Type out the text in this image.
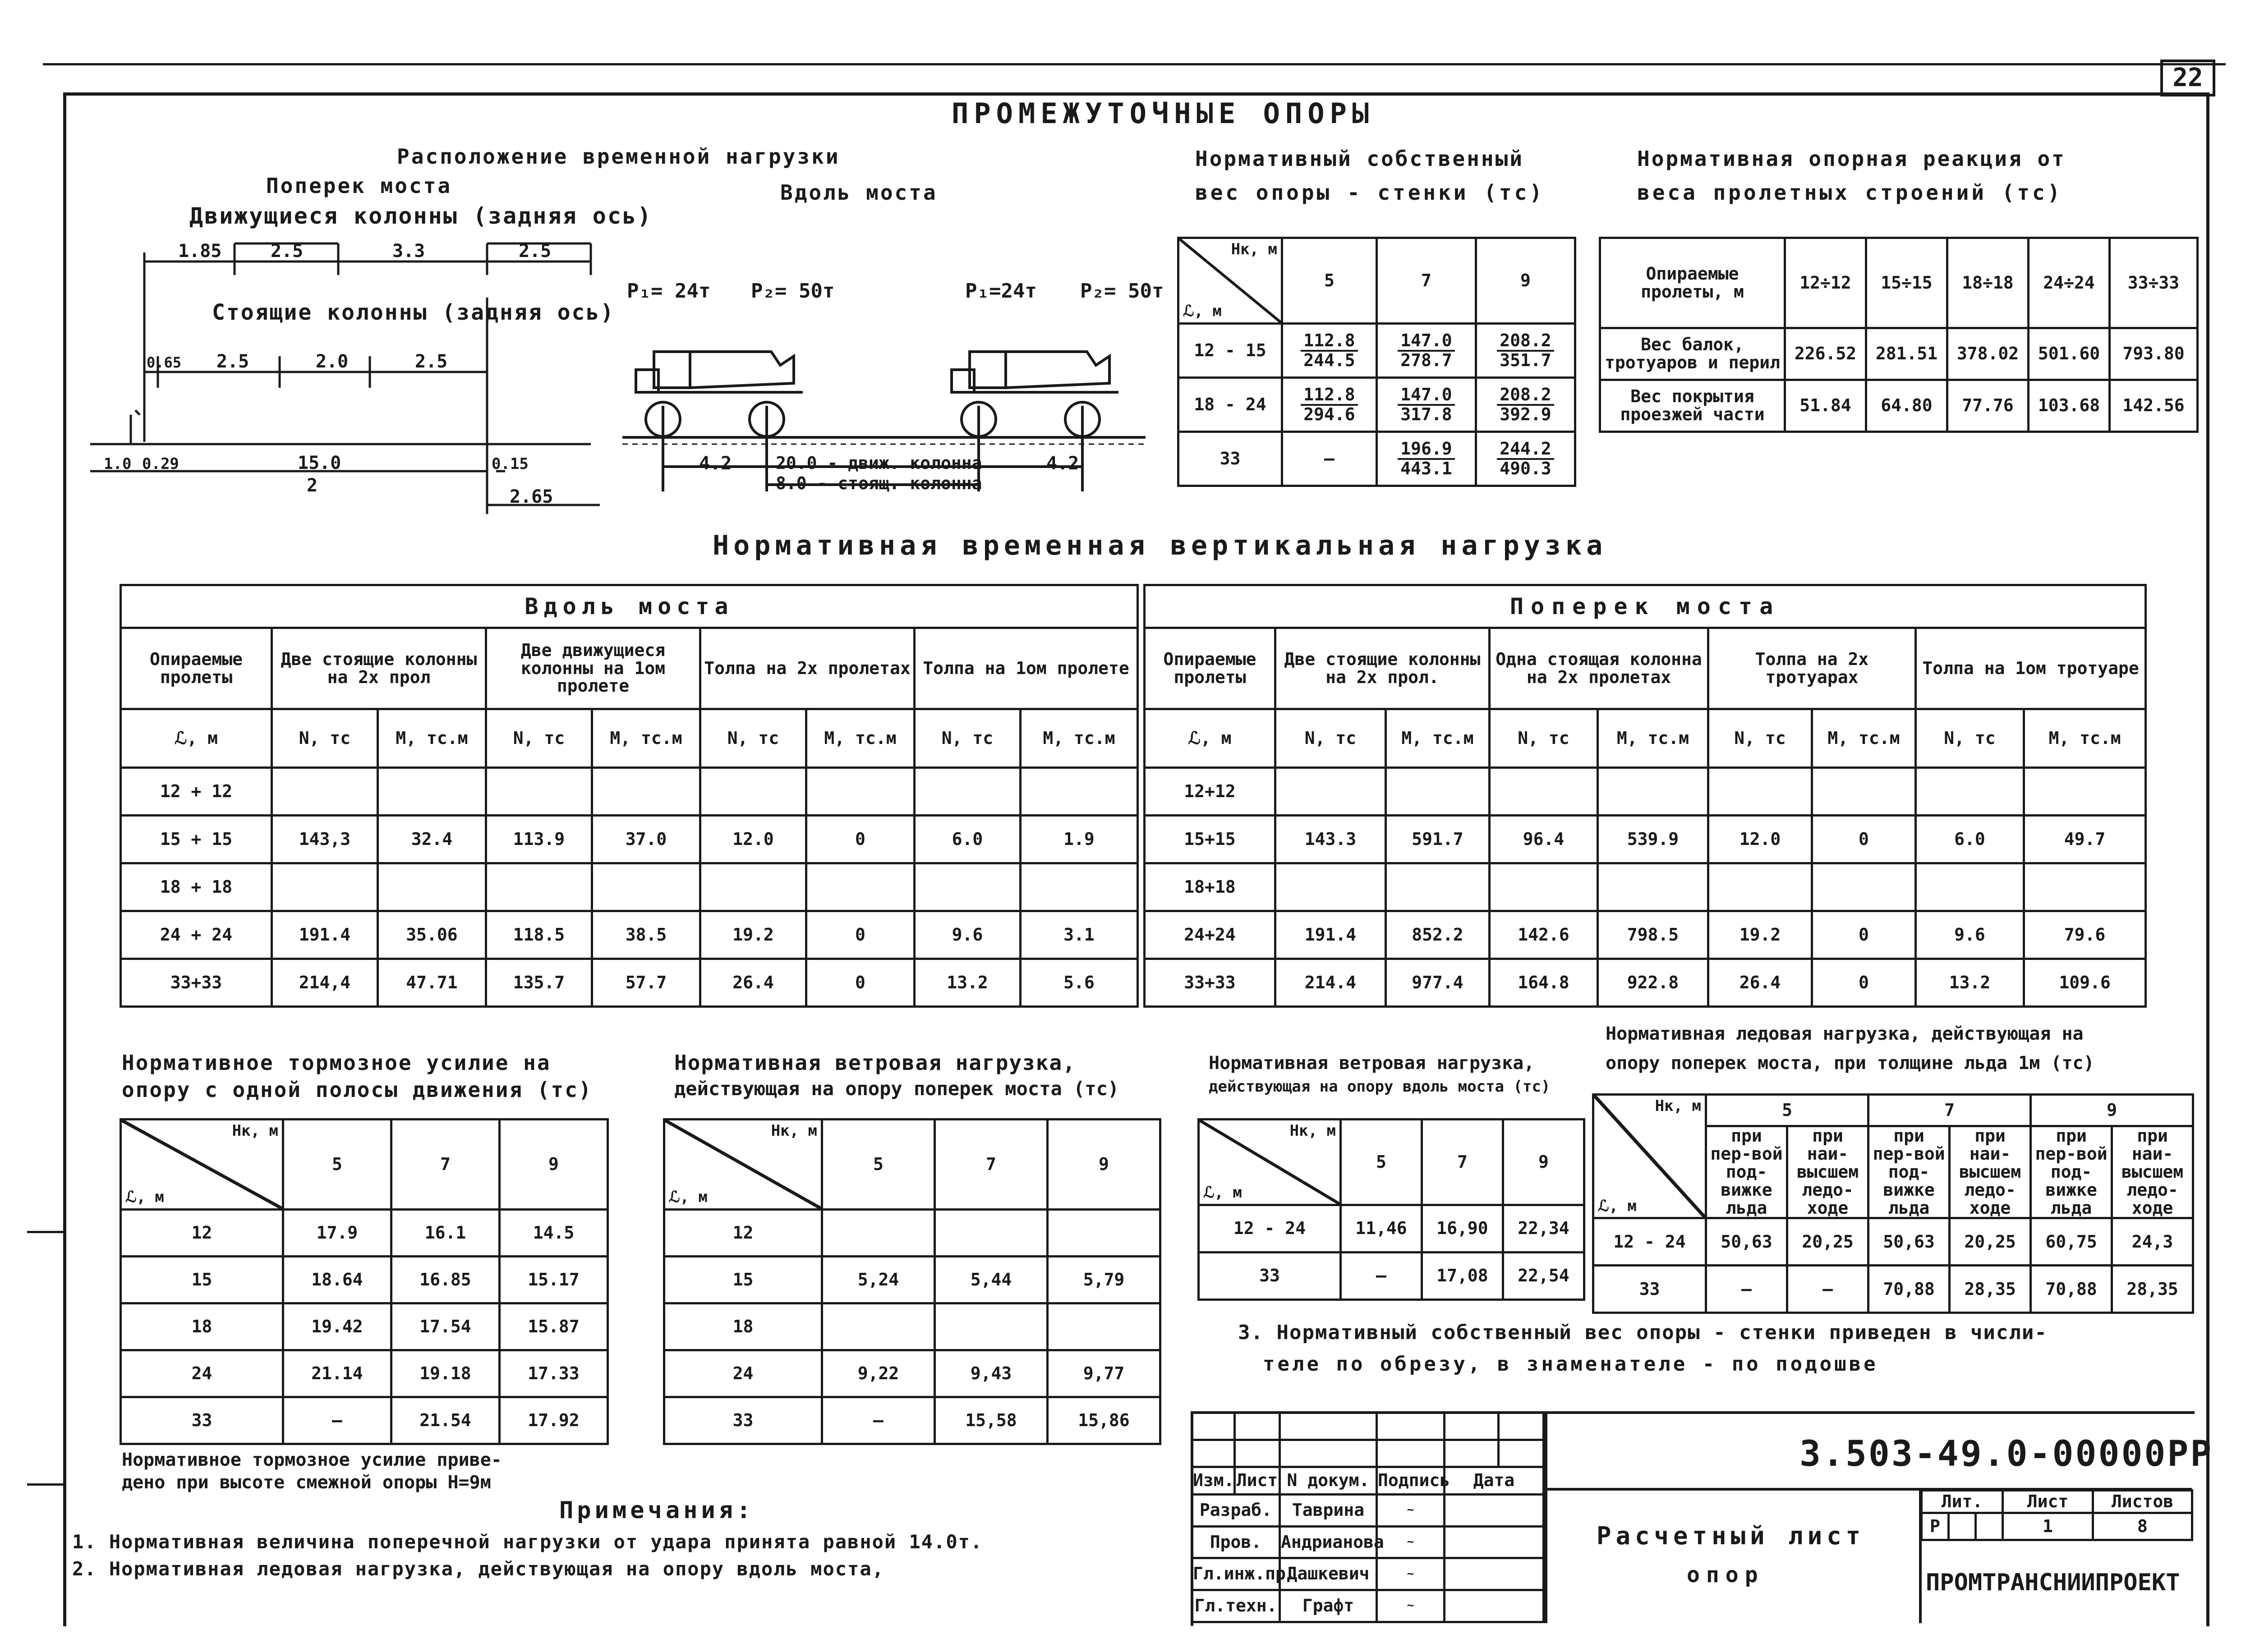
22
ПРОМЕЖУТОЧНЫЕ ОПОРЫ
Расположение временной нагрузки
Поперек моста	Вдоль моста
Движущиеся колонны (задняя ось)
Стоящие колонны (задняя ось)
1.85	2.5	3.3	2.5
0.65 2.5	2.0	2.5
1.0 0.29	15.0
2
0.15
2.65
P₁= 24т P₂= 50т	P₁=24т P₂= 50т
4.2	4.2
20.0 - движ. колонна
8.0 - стоящ. колонна
Нормативный собственный
вес опоры - стенки (тс)
Hк, м
ℒ, м	5	7	9
12 - 15	$\frac{112.8}{244.5}$	$\frac{147.0}{278.7}$	$\frac{208.2}{351.7}$

18 - 24	$\frac{112.8}{294.6}$	$\frac{147.0}{317.8}$	$\frac{208.2}{392.9}$

33	—	$\frac{196.9}{443.1}$	$\frac{244.2}{490.3}$
Нормативная опорная реакция от
веса пролетных строений (тс)
Опираемые пролеты, м	12÷12	15÷15	18÷18	24÷24	33÷33
Вес балок, тротуаров и перил	226.52	281.51	378.02	501.60	793.80
Вес покрытия проезжей части	51.84	64.80	77.76	103.68	142.56
Нормативная временная вертикальная нагрузка
Вдоль моста								
Опираемые пролеты	Две стоящие колонны на 2х прол		Две движущиеся колонны на 1ом пролете		Толпа на 2х пролетах		Толпа на 1ом пролете	
ℒ, м	N, тс	M, тс.м	N, тс	M, тс.м	N, тс	M, тс.м	N, тс	M, тс.м
12 + 12								
15 + 15	143,3	32.4	113.9	37.0	12.0	0	6.0	1.9
18 + 18								
24 + 24	191.4	35.06	118.5	38.5	19.2	0	9.6	3.1
33+33	214,4	47.71	135.7	57.7	26.4	0	13.2	5.6
Поперек моста								
Опираемые пролеты	Две стоящие колонны на 2х прол.		Одна стоящая колонна на 2х пролетах		Толпа на 2х тротуарах		Толпа на 1ом тротуаре	
ℒ, м	N, тс	M, тс.м	N, тс	M, тс.м	N, тс	M, тс.м	N, тс	M, тс.м
12+12								
15+15	143.3	591.7	96.4	539.9	12.0	0	6.0	49.7
18+18								
24+24	191.4	852.2	142.6	798.5	19.2	0	9.6	79.6
33+33	214.4	977.4	164.8	922.8	26.4	0	13.2	109.6
Нормативное тормозное усилие на
опору с одной полосы движения (тс)
Hк, м
ℒ, м	5	7	9
12	17.9	16.1	14.5
15	18.64	16.85	15.17
18	19.42	17.54	15.87
24	21.14	19.18	17.33
33	—	21.54	17.92
Нормативное тормозное усилие приве-
дено при высоте смежной опоры H=9м
Нормативная ветровая нагрузка,
действующая на опору поперек моста (тс)
Hк, м
ℒ, м	5	7	9
12			
15	5,24	5,44	5,79
18			
24	9,22	9,43	9,77
33	—	15,58	15,86
Нормативная ветровая нагрузка,
действующая на опору вдоль моста (тс)
Hк, м
ℒ, м	5	7	9
12 - 24	11,46	16,90	22,34
33	—	17,08	22,54
Нормативная ледовая нагрузка, действующая на
опору поперек моста, при толщине льда 1м (тс)
Hк, м
ℒ, м	5		7		9	
	при пер-вой под-вижке льда	при наи-высшем ледо-ходе	при пер-вой под-вижке льда	при наи-высшем ледо-ходе	при пер-вой под-вижке льда	при наи-высшем ледо-ходе
12 - 24	50,63	20,25	50,63	20,25	60,75	24,3
33	—	—	70,88	28,35	70,88	28,35
3. Нормативный собственный вес опоры - стенки приведен в числи-
теле по обрезу, в знаменателе - по подошве
Примечания:
1. Нормативная величина поперечной нагрузки от удара принята равной 14.0т.
2. Нормативная ледовая нагрузка, действующая на опору вдоль моста,

Изм.	Лист	N докум.	Подпись	Дата	
Разраб.		Таврина	~		
Пров.		Андрианова	~		
Гл.инж.пр.		Дашкевич	~		
Гл.техн.		Графт	~		
3.503-49.0-00000РР
Расчетный лист
опор
Лит.			Лист	Листов
Р			1	8
ПРОМТРАНСНИИПРОЕКТ
